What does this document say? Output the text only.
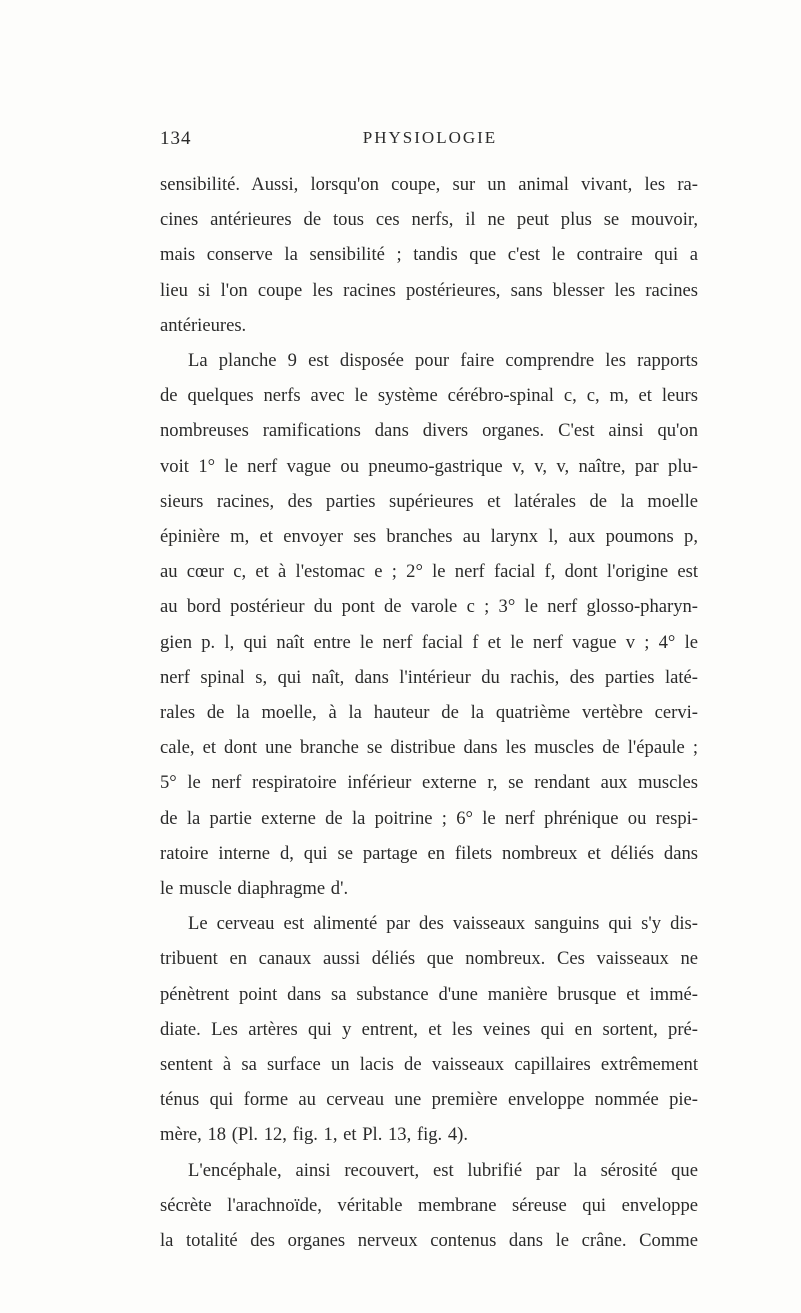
134	PHYSIOLOGIE

sensibilité. Aussi, lorsqu'on coupe, sur un animal vivant, les ra-
cines antérieures de tous ces nerfs, il ne peut plus se mouvoir,
mais conserve la sensibilité ; tandis que c'est le contraire qui a
lieu si l'on coupe les racines postérieures, sans blesser les racines
antérieures.

La planche 9 est disposée pour faire comprendre les rapports
de quelques nerfs avec le système cérébro-spinal c, c, m, et leurs
nombreuses ramifications dans divers organes. C'est ainsi qu'on
voit 1° le nerf vague ou pneumo-gastrique v, v, v, naître, par plu-
sieurs racines, des parties supérieures et latérales de la moelle
épinière m, et envoyer ses branches au larynx l, aux poumons p,
au cœur c, et à l'estomac e ; 2° le nerf facial f, dont l'origine est
au bord postérieur du pont de varole c ; 3° le nerf glosso-pharyn-
gien p. l, qui naît entre le nerf facial f et le nerf vague v ; 4° le
nerf spinal s, qui naît, dans l'intérieur du rachis, des parties laté-
rales de la moelle, à la hauteur de la quatrième vertèbre cervi-
cale, et dont une branche se distribue dans les muscles de l'épaule ;
5° le nerf respiratoire inférieur externe r, se rendant aux muscles
de la partie externe de la poitrine ; 6° le nerf phrénique ou respi-
ratoire interne d, qui se partage en filets nombreux et déliés dans
le muscle diaphragme d'.

Le cerveau est alimenté par des vaisseaux sanguins qui s'y dis-
tribuent en canaux aussi déliés que nombreux. Ces vaisseaux ne
pénètrent point dans sa substance d'une manière brusque et immé-
diate. Les artères qui y entrent, et les veines qui en sortent, pré-
sentent à sa surface un lacis de vaisseaux capillaires extrêmement
ténus qui forme au cerveau une première enveloppe nommée pie-
mère, 18 (Pl. 12, fig. 1, et Pl. 13, fig. 4).

L'encéphale, ainsi recouvert, est lubrifié par la sérosité que
sécrète l'arachnoïde, véritable membrane séreuse qui enveloppe
la totalité des organes nerveux contenus dans le crâne. Comme
